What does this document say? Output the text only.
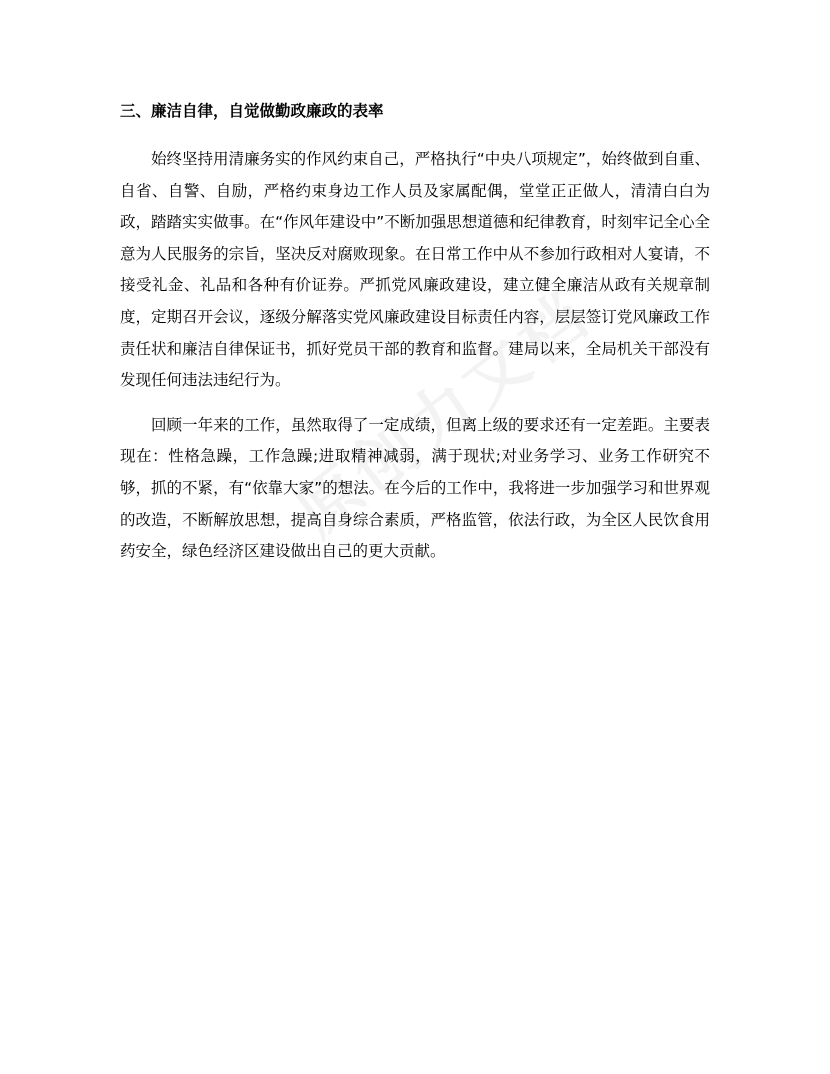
三、廉洁自律，自觉做勤政廉政的表率

始终坚持用清廉务实的作风约束自己，严格执行“中央八项规定”，始终做到自重、自省、自警、自励，严格约束身边工作人员及家属配偶，堂堂正正做人，清清白白为政，踏踏实实做事。在“作风年建设中”不断加强思想道德和纪律教育，时刻牢记全心全意为人民服务的宗旨，坚决反对腐败现象。在日常工作中从不参加行政相对人宴请，不接受礼金、礼品和各种有价证券。严抓党风廉政建设，建立健全廉洁从政有关规章制度，定期召开会议，逐级分解落实党风廉政建设目标责任内容，层层签订党风廉政工作责任状和廉洁自律保证书，抓好党员干部的教育和监督。建局以来，全局机关干部没有发现任何违法违纪行为。

回顾一年来的工作，虽然取得了一定成绩，但离上级的要求还有一定差距。主要表现在：性格急躁，工作急躁;进取精神减弱，满于现状;对业务学习、业务工作研究不够，抓的不紧，有“依靠大家”的想法。在今后的工作中，我将进一步加强学习和世界观的改造，不断解放思想，提高自身综合素质，严格监管，依法行政，为全区人民饮食用药安全，绿色经济区建设做出自己的更大贡献。
